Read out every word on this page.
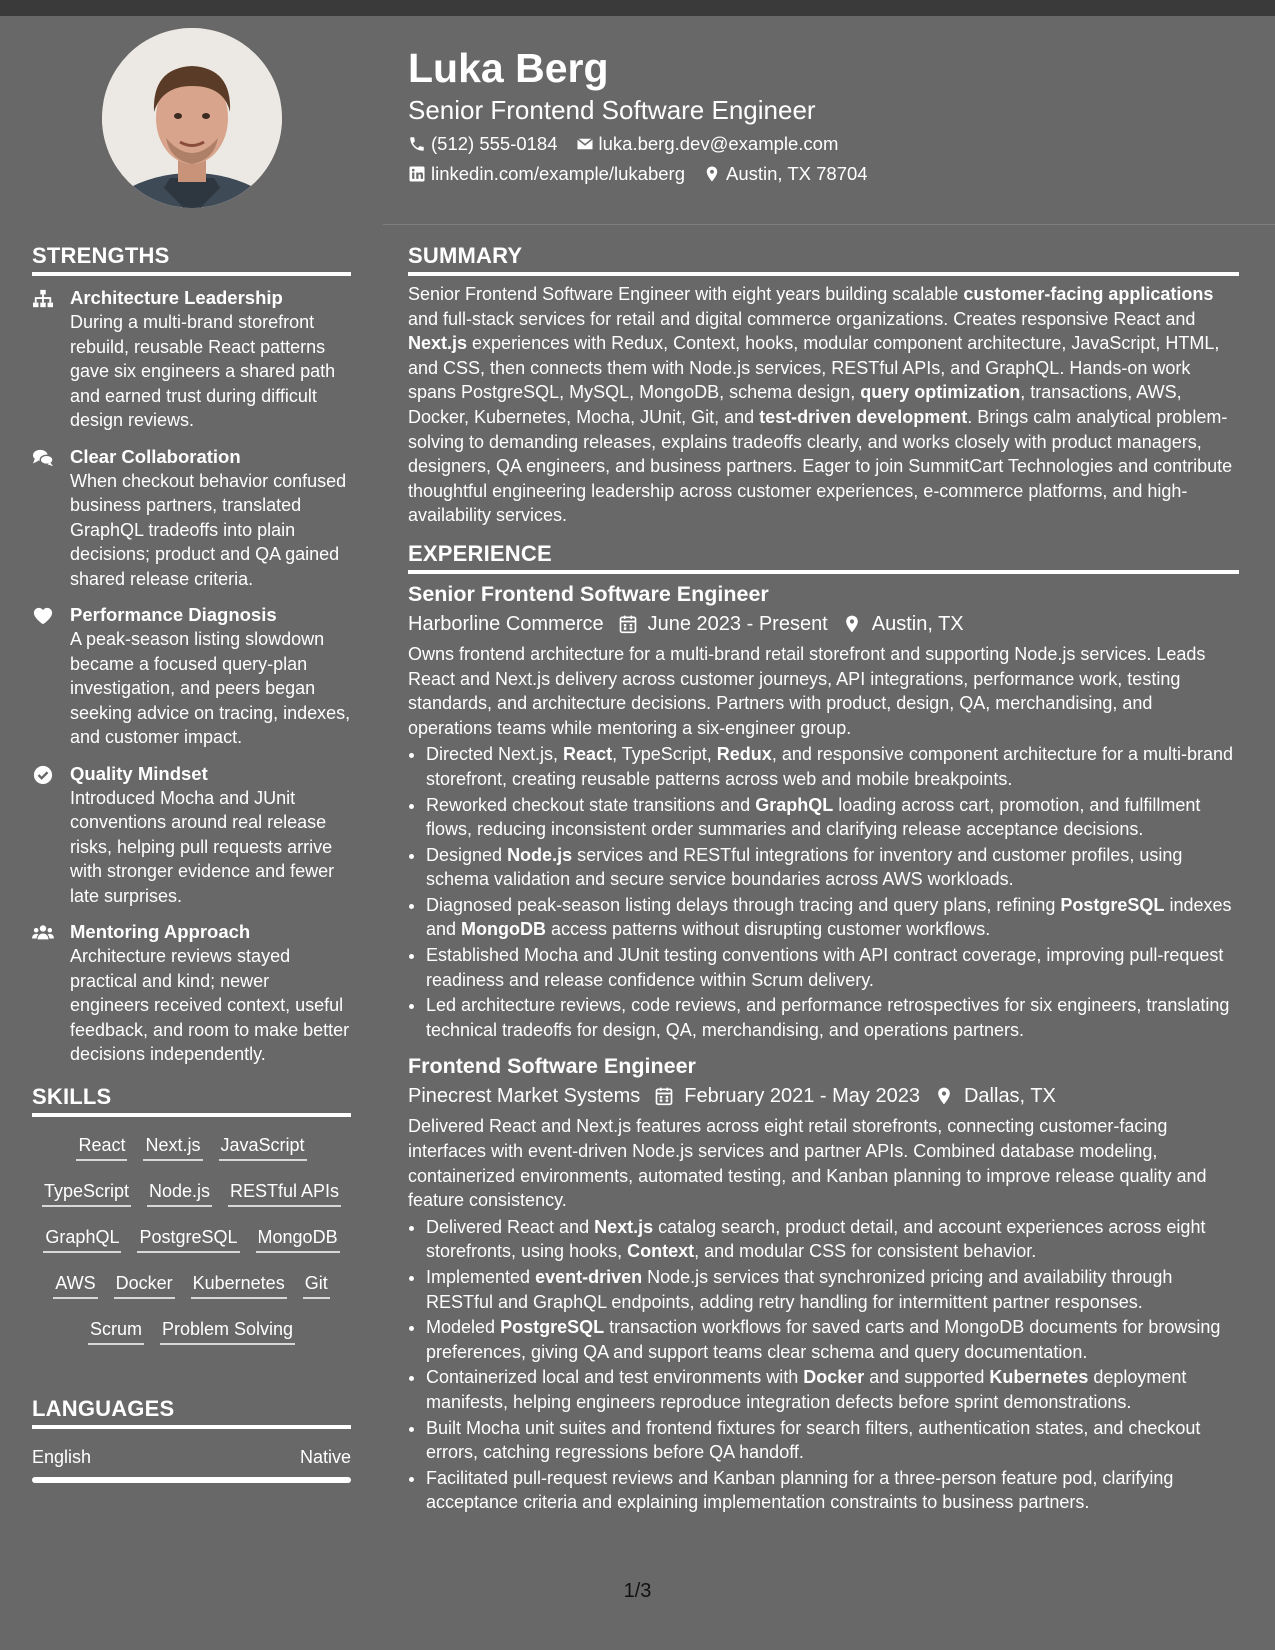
Luka Berg
Senior Frontend Software Engineer
(512) 555-0184 luka.berg.dev@example.com
linkedin.com/example/lukaberg Austin, TX 78704
STRENGTHS
Architecture Leadership
During a multi-brand storefront rebuild, reusable React patterns gave six engineers a shared path and earned trust during difficult design reviews.
Clear Collaboration
When checkout behavior confused business partners, translated GraphQL tradeoffs into plain decisions; product and QA gained shared release criteria.
Performance Diagnosis
A peak-season listing slowdown became a focused query-plan investigation, and peers began seeking advice on tracing, indexes, and customer impact.
Quality Mindset
Introduced Mocha and JUnit conventions around real release risks, helping pull requests arrive with stronger evidence and fewer late surprises.
Mentoring Approach
Architecture reviews stayed practical and kind; newer engineers received context, useful feedback, and room to make better decisions independently.
SKILLS
React Next.js JavaScript
TypeScript Node.js RESTful APIs
GraphQL PostgreSQL MongoDB
AWS Docker Kubernetes Git
Scrum Problem Solving
LANGUAGES
English	Native
SUMMARY
Senior Frontend Software Engineer with eight years building scalable customer-facing applications and full-stack services for retail and digital commerce organizations. Creates responsive React and Next.js experiences with Redux, Context, hooks, modular component architecture, JavaScript, HTML, and CSS, then connects them with Node.js services, RESTful APIs, and GraphQL. Hands-on work spans PostgreSQL, MySQL, MongoDB, schema design, query optimization, transactions, AWS, Docker, Kubernetes, Mocha, JUnit, Git, and test-driven development. Brings calm analytical problem-solving to demanding releases, explains tradeoffs clearly, and works closely with product managers, designers, QA engineers, and business partners. Eager to join SummitCart Technologies and contribute thoughtful engineering leadership across customer experiences, e-commerce platforms, and high-availability services.
EXPERIENCE
Senior Frontend Software Engineer
Harborline Commerce June 2023 - Present Austin, TX
Owns frontend architecture for a multi-brand retail storefront and supporting Node.js services. Leads React and Next.js delivery across customer journeys, API integrations, performance work, testing standards, and architecture decisions. Partners with product, design, QA, merchandising, and operations teams while mentoring a six-engineer group.
• Directed Next.js, React, TypeScript, Redux, and responsive component architecture for a multi-brand storefront, creating reusable patterns across web and mobile breakpoints.
• Reworked checkout state transitions and GraphQL loading across cart, promotion, and fulfillment flows, reducing inconsistent order summaries and clarifying release acceptance decisions.
• Designed Node.js services and RESTful integrations for inventory and customer profiles, using schema validation and secure service boundaries across AWS workloads.
• Diagnosed peak-season listing delays through tracing and query plans, refining PostgreSQL indexes and MongoDB access patterns without disrupting customer workflows.
• Established Mocha and JUnit testing conventions with API contract coverage, improving pull-request readiness and release confidence within Scrum delivery.
• Led architecture reviews, code reviews, and performance retrospectives for six engineers, translating technical tradeoffs for design, QA, merchandising, and operations partners.
Frontend Software Engineer
Pinecrest Market Systems February 2021 - May 2023 Dallas, TX
Delivered React and Next.js features across eight retail storefronts, connecting customer-facing interfaces with event-driven Node.js services and partner APIs. Combined database modeling, containerized environments, automated testing, and Kanban planning to improve release quality and feature consistency.
• Delivered React and Next.js catalog search, product detail, and account experiences across eight storefronts, using hooks, Context, and modular CSS for consistent behavior.
• Implemented event-driven Node.js services that synchronized pricing and availability through RESTful and GraphQL endpoints, adding retry handling for intermittent partner responses.
• Modeled PostgreSQL transaction workflows for saved carts and MongoDB documents for browsing preferences, giving QA and support teams clear schema and query documentation.
• Containerized local and test environments with Docker and supported Kubernetes deployment manifests, helping engineers reproduce integration defects before sprint demonstrations.
• Built Mocha unit suites and frontend fixtures for search filters, authentication states, and checkout errors, catching regressions before QA handoff.
• Facilitated pull-request reviews and Kanban planning for a three-person feature pod, clarifying acceptance criteria and explaining implementation constraints to business partners.
1/3
